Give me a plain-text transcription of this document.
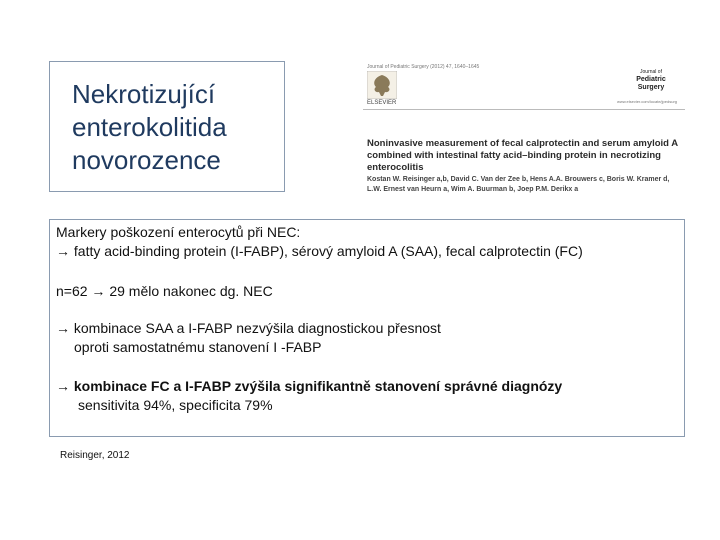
Nekrotizující
enterokolitida
novorozence
Journal of Pediatric Surgery (2012) 47, 1640–1645
ELSEVIER
Journal of
Pediatric
Surgery
www.elsevier.com/locate/jpedsurg
Noninvasive measurement of fecal calprotectin and serum amyloid A combined with intestinal fatty acid–binding protein in necrotizing enterocolitis
Kostan W. Reisinger a,b, David C. Van der Zee b, Hens A.A. Brouwers c, Boris W. Kramer d, L.W. Ernest van Heurn a, Wim A. Buurman b, Joep P.M. Derikx a
Markery poškození enterocytů při NEC:
→ fatty acid-binding protein (I-FABP), sérový amyloid A (SAA), fecal calprotectin (FC)
n=62 → 29 mělo nakonec dg. NEC
→ kombinace SAA a I-FABP nezvýšila diagnostickou přesnost
oproti samostatnému stanovení I -FABP
→ kombinace FC a I-FABP zvýšila signifikantně stanovení správné diagnózy
sensitivita 94%, specificita 79%
Reisinger, 2012
